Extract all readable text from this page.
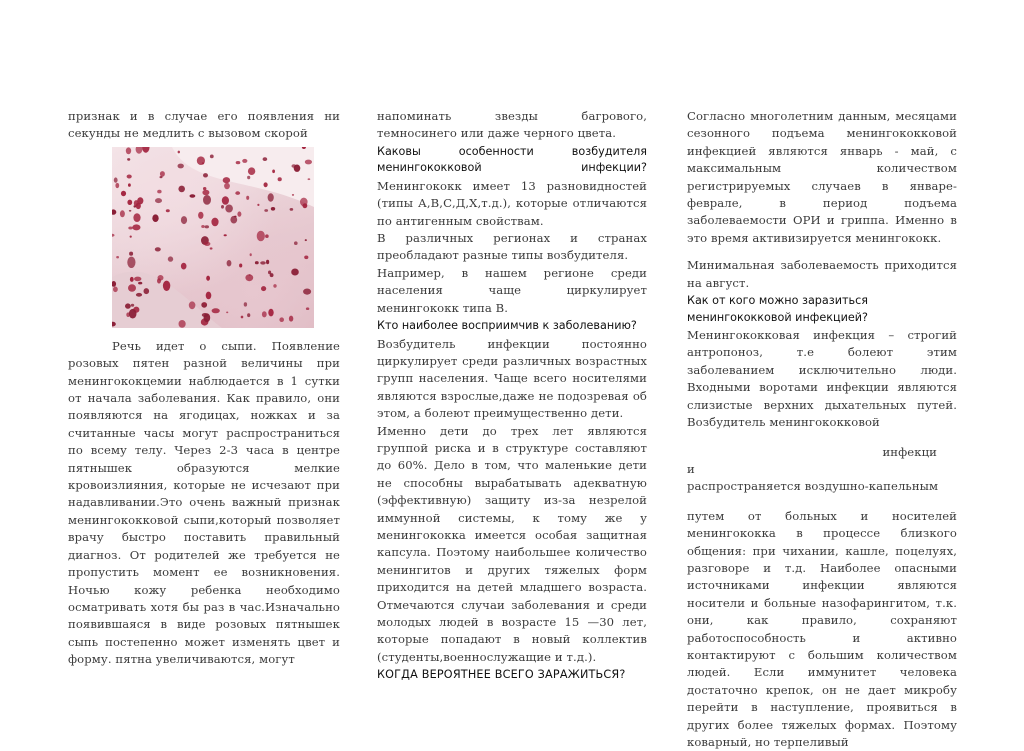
признак и в случае его появления ни секунды не медлить с вызовом скорой

Речь идет о сыпи. Появление розовых пятен разной величины при менингококцемии наблюдается в 1 сутки от начала заболевания. Как правило, они появляются на ягодицах, ножках и за считанные часы могут распространиться по всему телу. Через 2-3 часа в центре пятнышек образуются мелкие кровоизлияния, которые не исчезают при надавливании.Это очень важный признак менингококковой сыпи,который позволяет врачу быстро поставить правильный диагноз. От родителей же требуется не пропустить момент ее возникновения. Ночью кожу ребенка необходимо осматривать хотя бы раз в час.Изначально появившаяся в виде розовых пятнышек сыпь постепенно может изменять цвет и форму. пятна увеличиваются, могут

напоминать звезды багрового, темносинего или даже черного цвета.

Каковы особенности возбудителя менингококковой инфекции?

Менингококк имеет 13 разновидностей (типы А,В,С,Д,Х,т.д.), которые отличаются по антигенным свойствам.

В различных регионах и странах преобладают разные типы возбудителя.

Например, в нашем регионе среди населения чаще циркулирует менингококк типа В.

Кто наиболее восприимчив к заболеванию?

Возбудитель инфекции постоянно циркулирует среди различных возрастных групп населения. Чаще всего носителями являются взрослые,даже не подозревая об этом, а болеют преимущественно дети.

Именно дети до трех лет являются группой риска и в структуре составляют до 60%. Дело в том, что маленькие дети не способны вырабатывать адекватную (эффективную) защиту из-за незрелой иммунной системы, к тому же у менингококка имеется особая защитная капсула. Поэтому наибольшее количество менингитов и других тяжелых форм приходится на детей младшего возраста. Отмечаются случаи заболевания и среди молодых людей в возрасте 15 —30 лет, которые попадают в новый коллектив (студенты,военнослужащие и т.д.).

КОГДА ВЕРОЯТНЕЕ ВСЕГО ЗАРАЖИТЬСЯ?

Согласно многолетним данным, месяцами сезонного подъема менингококковой инфекцией являются январь - май, с максимальным количеством регистрируемых случаев в январе-феврале, в период подъема заболеваемости ОРИ и гриппа. Именно в это время активизируется менингококк.

Минимальная заболеваемость приходится на август.

Как от кого можно заразиться менингококковой инфекцией?

Менингококковая инфекция – строгий антропоноз, т.е болеют этим заболеванием исключительно люди. Входными воротами инфекции являются слизистые верхних дыхательных путей. Возбудитель менингококковой

инфекци

и

распространяется воздушно-капельным

путем от больных и носителей менингококка в процессе близкого общения: при чихании, кашле, поцелуях, разговоре и т.д. Наиболее опасными источниками инфекции являются носители и больные назофарингитом, т.к. они, как правило, сохраняют работоспособность и активно контактируют с большим количеством людей. Если иммунитет человека достаточно крепок, он не дает микробу перейти в наступление, проявиться в других более тяжелых формах. Поэтому коварный, но терпеливый
